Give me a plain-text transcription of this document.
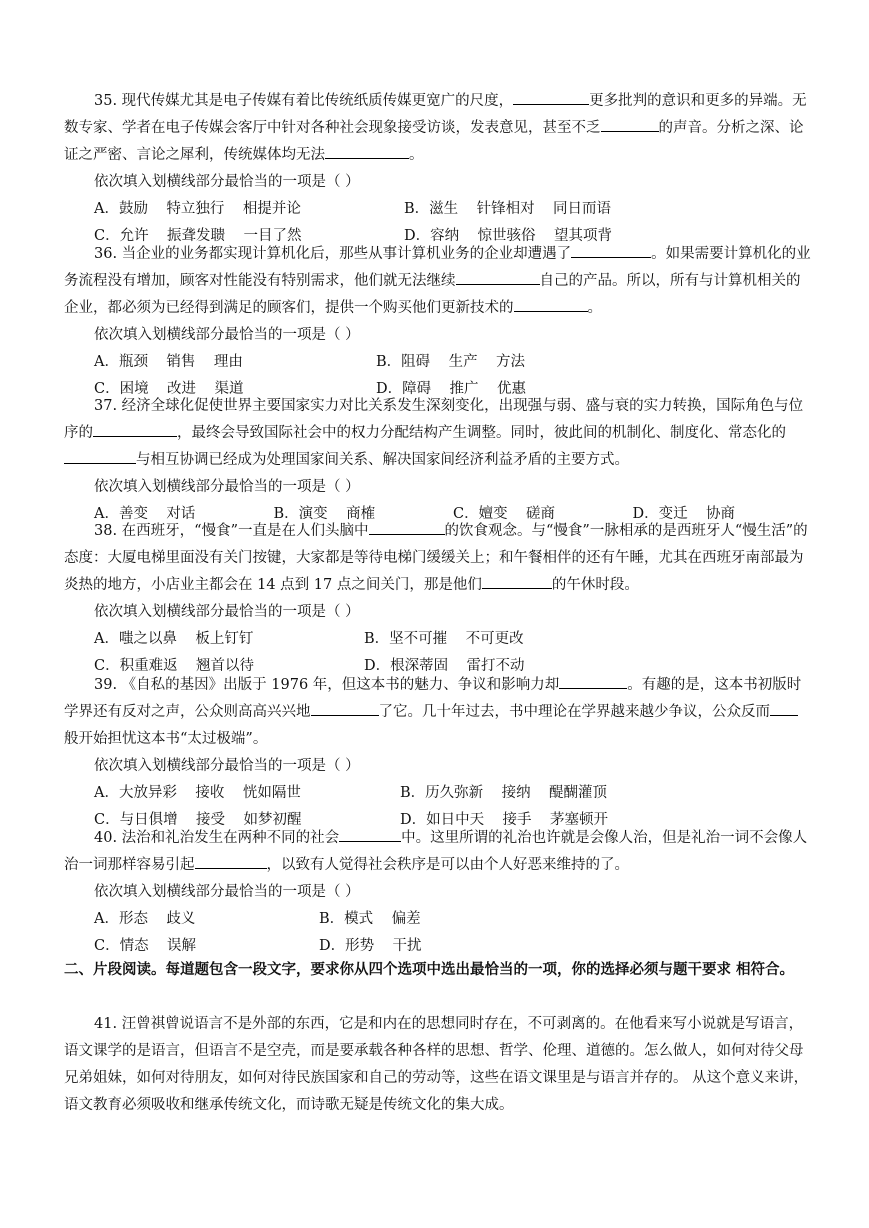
35. 现代传媒尤其是电子传媒有着比传统纸质传媒更宽广的尺度，	更多批判的意识和更多的异端。无数专家、学者在电子传媒会客厅中针对各种社会现象接受访谈，发表意见，甚至不乏	的声音。分析之深、论证之严密、言论之犀利，传统媒体均无法	。

依次填入划横线部分最恰当的一项是（ ）

A．鼓励    特立独行    相提并论	B．滋生    针锋相对    同日而语
C．允许    振聋发聩    一目了然	D．容纳    惊世骇俗    望其项背

36. 当企业的业务都实现计算机化后，那些从事计算机业务的企业却遭遇了	。如果需要计算机化的业务流程没有增加，顾客对性能没有特别需求，他们就无法继续	自己的产品。所以，所有与计算机相关的企业，都必须为已经得到满足的顾客们，提供一个购买他们更新技术的	。

依次填入划横线部分最恰当的一项是（ ）

A．瓶颈    销售    理由	B．阻碍    生产    方法
C．困境    改进    渠道	D．障碍    推广    优惠

37. 经济全球化促使世界主要国家实力对比关系发生深刻变化，出现强与弱、盛与衰的实力转换，国际角色与位序的	，最终会导致国际社会中的权力分配结构产生调整。同时，彼此间的机制化、制度化、常态化的与相互协调已经成为处理国家间关系、解决国家间经济利益矛盾的主要方式。

依次填入划横线部分最恰当的一项是（ ）

A．善变    对话	B．演变    商榷	C．嬗变    磋商	D．变迁    协商

38. 在西班牙，“慢食”一直是在人们头脑中	的饮食观念。与“慢食”一脉相承的是西班牙人“慢生活”的态度：大厦电梯里面没有关门按键，大家都是等待电梯门缓缓关上；和午餐相伴的还有午睡，尤其在西班牙南部最为炎热的地方，小店业主都会在 14 点到 17 点之间关门，那是他们	的午休时段。

依次填入划横线部分最恰当的一项是（ ）

A．嗤之以鼻    板上钉钉	B．坚不可摧    不可更改
C．积重难返    翘首以待	D．根深蒂固    雷打不动

39. 《自私的基因》出版于 1976 年，但这本书的魅力、争议和影响力却	。有趣的是，这本书初版时学界还有反对之声，公众则高高兴兴地	了它。几十年过去，书中理论在学界越来越少争议，公众反而般开始担忧这本书“太过极端”。

依次填入划横线部分最恰当的一项是（ ）

A．大放异彩    接收    恍如隔世	B．历久弥新    接纳    醍醐灌顶
C．与日俱增    接受    如梦初醒	D．如日中天    接手    茅塞顿开

40. 法治和礼治发生在两种不同的社会	中。这里所谓的礼治也许就是会像人治，但是礼治一词不会像人治一词那样容易引起	，以致有人觉得社会秩序是可以由个人好恶来维持的了。

依次填入划横线部分最恰当的一项是（ ）

A．形态    歧义	B．模式    偏差
C．情态    误解	D．形势    干扰

二、片段阅读。每道题包含一段文字，要求你从四个选项中选出最恰当的一项，你的选择必须与题干要求 相符合。

41. 汪曾祺曾说语言不是外部的东西，它是和内在的思想同时存在，不可剥离的。在他看来写小说就是写语言，语文课学的是语言，但语言不是空壳，而是要承载各种各样的思想、哲学、伦理、道德的。怎么做人，如何对待父母兄弟姐妹，如何对待朋友，如何对待民族国家和自己的劳动等，这些在语文课里是与语言并存的。 从这个意义来讲，语文教育必须吸收和继承传统文化，而诗歌无疑是传统文化的集大成。
